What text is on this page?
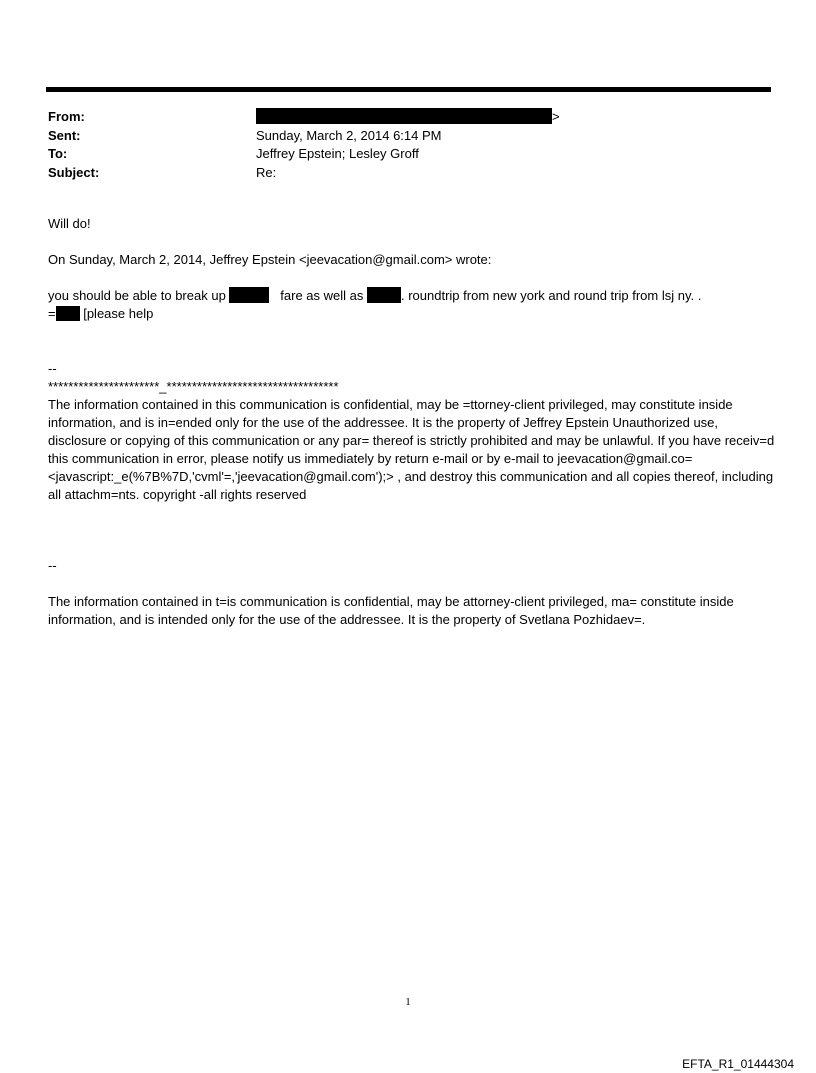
From:	>
Sent:	Sunday, March 2, 2014 6:14 PM
To:	Jeffrey Epstein; Lesley Groff
Subject:	Re:

Will do!

On Sunday, March 2, 2014, Jeffrey Epstein <jeevacation@gmail.com> wrote:

you should be able to break up	fare as well as	. roundtrip from new york and round trip from lsj ny. .

= [please help

--

**********************_**********************************

The information contained in this communication is confidential, may be =ttorney-client privileged, may constitute inside information, and is in=ended only for the use of the addressee. It is the property of Jeffrey Epstein Unauthorized use, disclosure or copying of this communication or any par= thereof is strictly prohibited and may be unlawful. If you have receiv=d this communication in error, please notify us immediately by return e-mail or by e-mail to jeevacation@gmail.co= <javascript:_e(%7B%7D,'cvml'=,'jeevacation@gmail.com');> , and destroy this communication and all copies thereof, including all attachm=nts. copyright -all rights reserved

--

The information contained in t=is communication is confidential, may be attorney-client privileged, ma= constitute inside information, and is intended only for the use of the addressee. It is the property of Svetlana Pozhidaev=.

1
EFTA_R1_01444304
